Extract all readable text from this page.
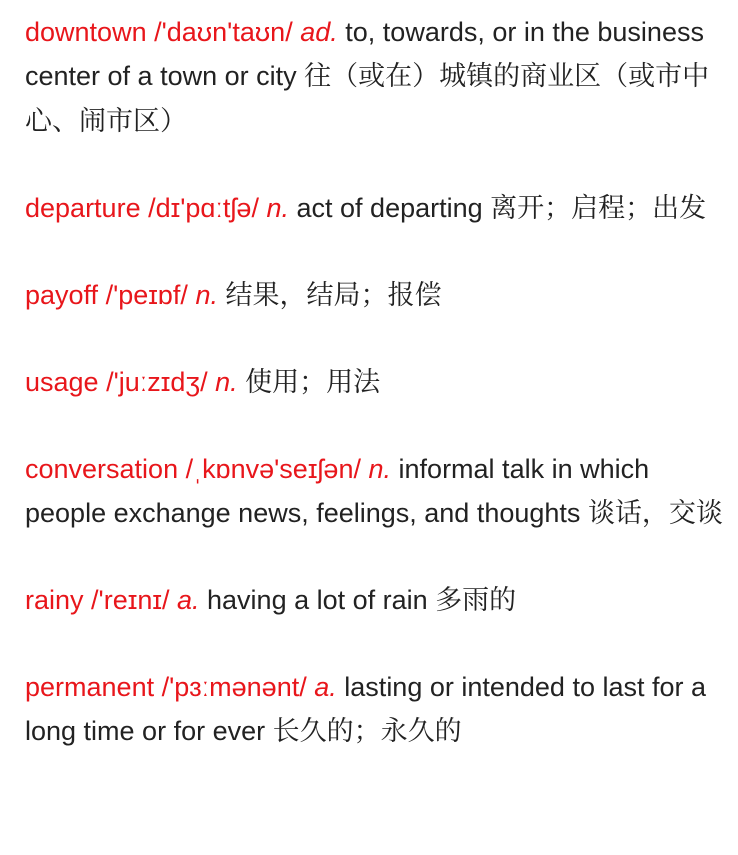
downtown /'daʊn'taʊn/ ad. to, towards, or in the business center of a town or city 往（或在）城镇的商业区（或市中心、闹市区）

departure /dɪ'pɑːtʃə/ n. act of departing 离开；启程；出发

payoff /'peɪɒf/ n. 结果，结局；报偿

usage /'juːzɪdʒ/ n. 使用；用法

conversation /ˌkɒnvə'seɪʃən/ n. informal talk in which people exchange news, feelings, and thoughts 谈话，交谈

rainy /'reɪnɪ/ a. having a lot of rain 多雨的

permanent /'pɜːmənənt/ a. lasting or intended to last for a long time or for ever 长久的；永久的
